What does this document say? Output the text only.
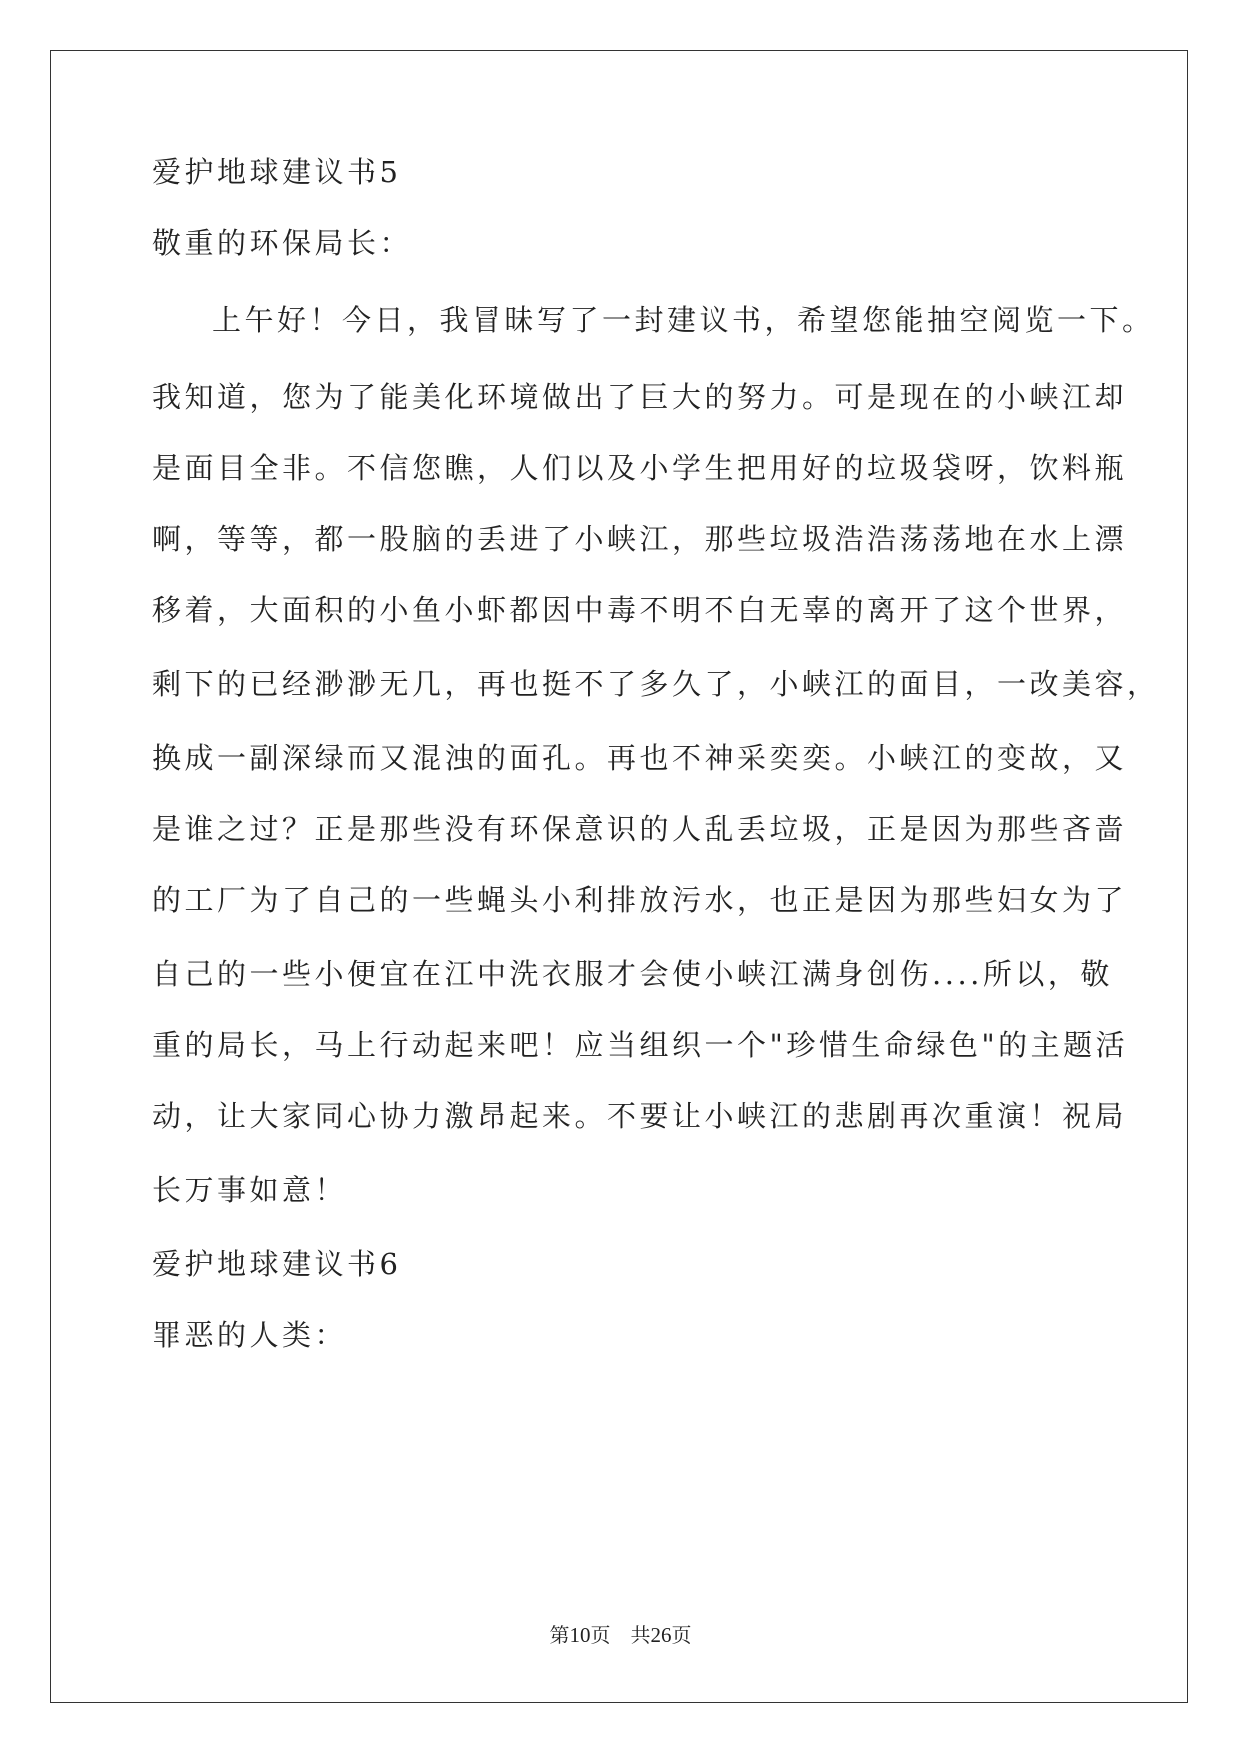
爱护地球建议书5
敬重的环保局长：
上午好！今日，我冒昧写了一封建议书，希望您能抽空阅览一下。
我知道，您为了能美化环境做出了巨大的努力。可是现在的小峡江却
是面目全非。不信您瞧，人们以及小学生把用好的垃圾袋呀，饮料瓶
啊，等等，都一股脑的丢进了小峡江，那些垃圾浩浩荡荡地在水上漂
移着，大面积的小鱼小虾都因中毒不明不白无辜的离开了这个世界，
剩下的已经渺渺无几，再也挺不了多久了，小峡江的面目，一改美容，
换成一副深绿而又混浊的面孔。再也不神采奕奕。小峡江的变故，又
是谁之过？正是那些没有环保意识的人乱丢垃圾，正是因为那些吝啬
的工厂为了自己的一些蝇头小利排放污水，也正是因为那些妇女为了
自己的一些小便宜在江中洗衣服才会使小峡江满身创伤....所以，敬
重的局长，马上行动起来吧！应当组织一个"珍惜生命绿色"的主题活
动，让大家同心协力激昂起来。不要让小峡江的悲剧再次重演！祝局
长万事如意！
爱护地球建议书6
罪恶的人类：
第10页　共26页
